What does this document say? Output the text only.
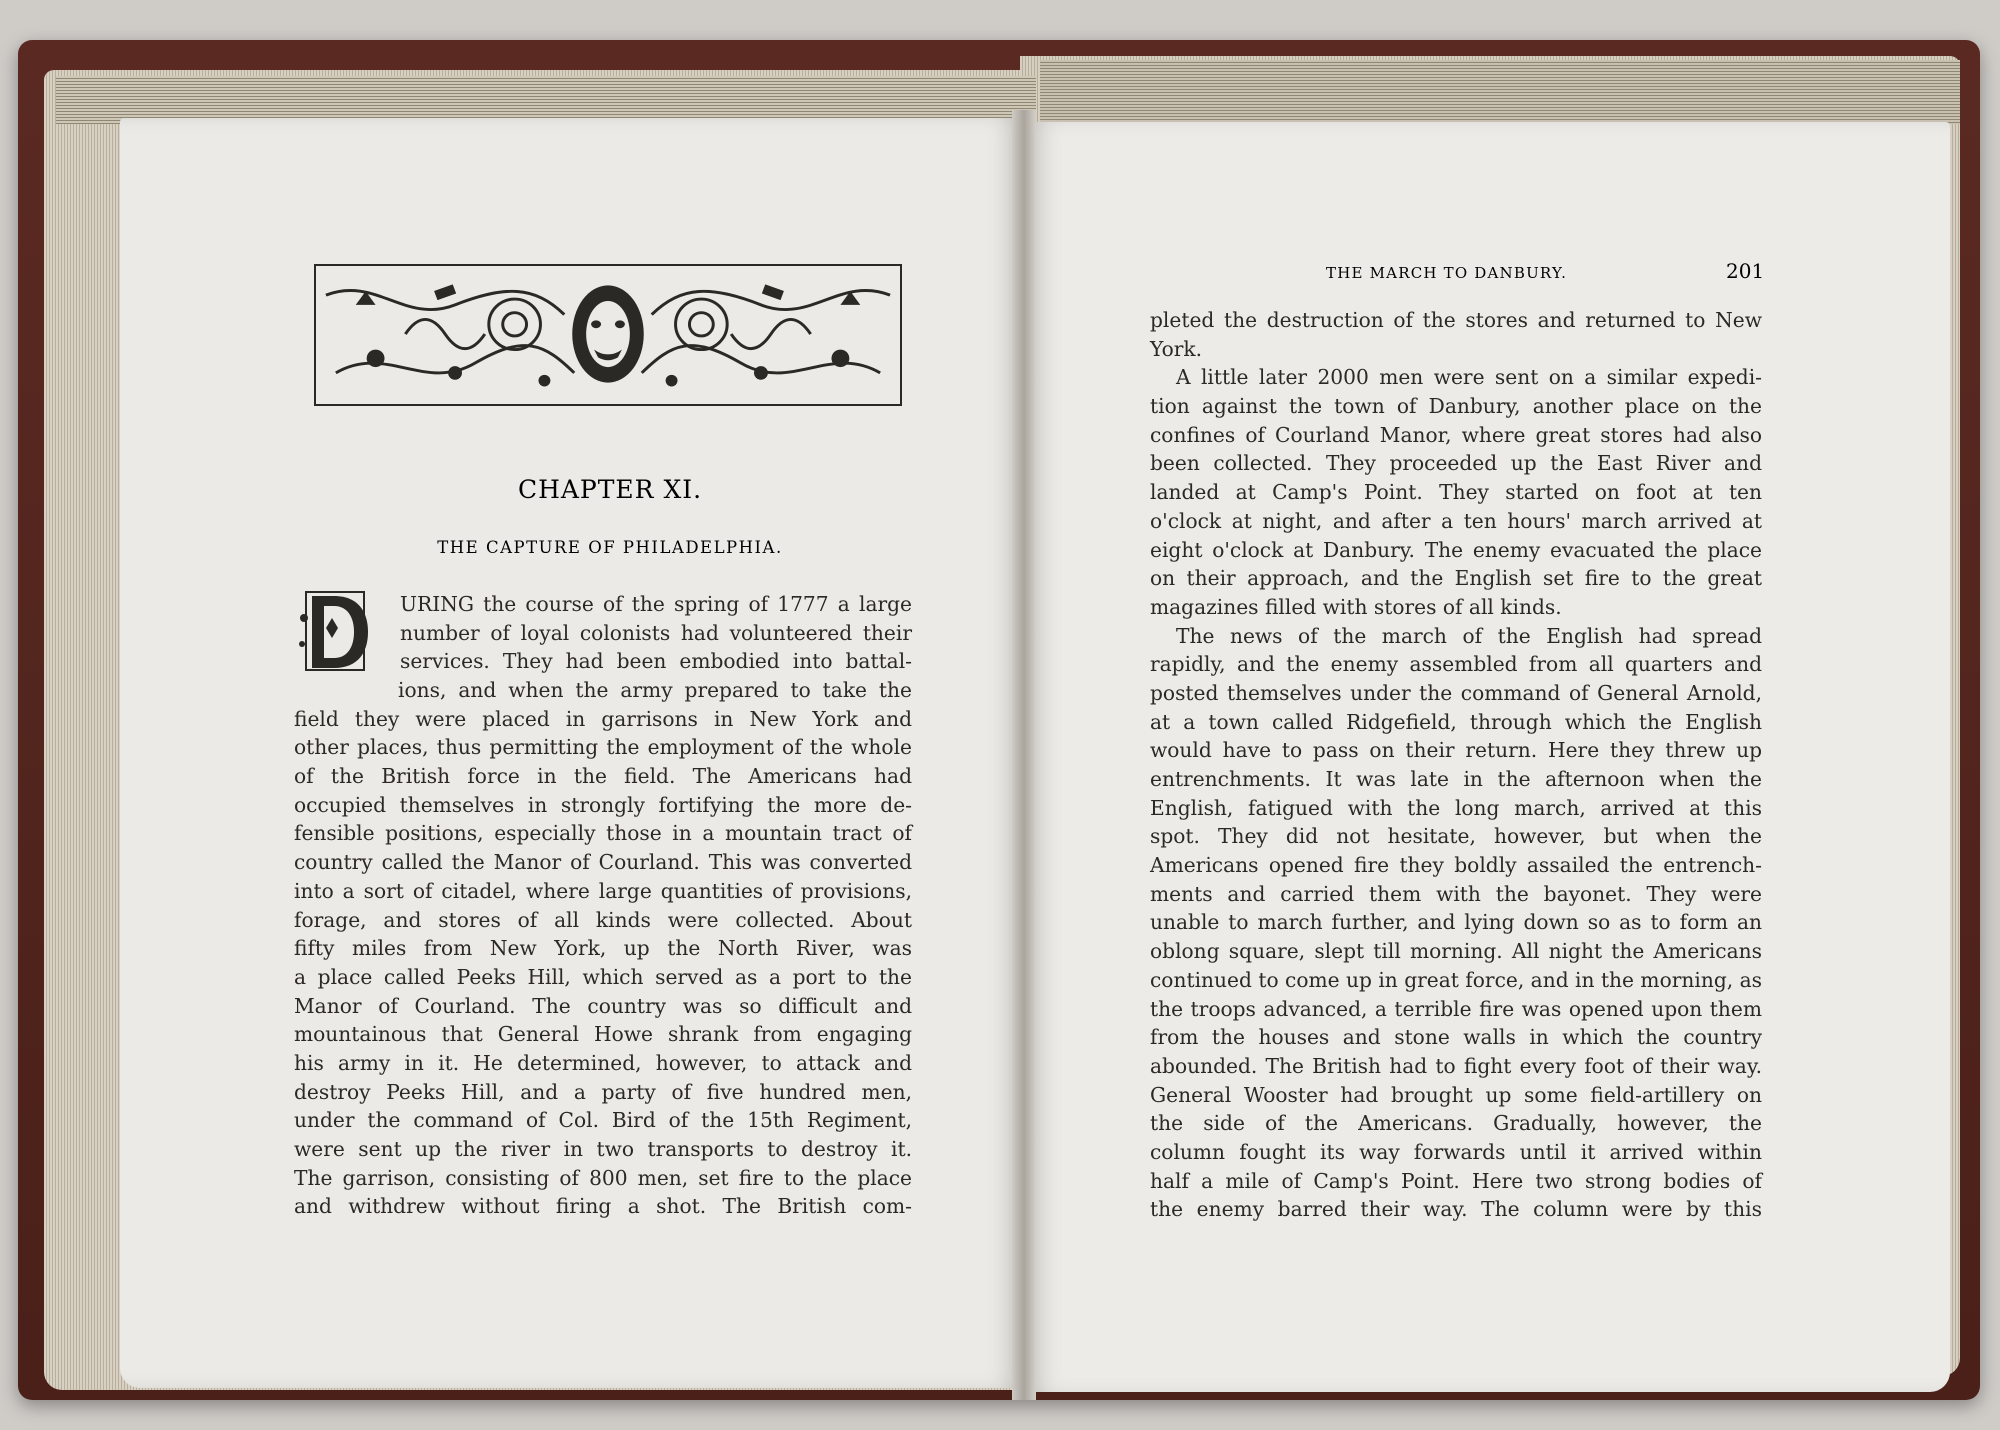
CHAPTER XI.
THE CAPTURE OF PHILADELPHIA.
D
URING the course of the spring of 1777 a large
number of loyal colonists had volunteered their
services. They had been embodied into battal-
ions, and when the army prepared to take the
field they were placed in garrisons in New York and
other places, thus permitting the employment of the whole
of the British force in the field. The Americans had
occupied themselves in strongly fortifying the more de-
fensible positions, especially those in a mountain tract of
country called the Manor of Courland. This was converted
into a sort of citadel, where large quantities of provisions,
forage, and stores of all kinds were collected. About
fifty miles from New York, up the North River, was
a place called Peeks Hill, which served as a port to the
Manor of Courland. The country was so difficult and
mountainous that General Howe shrank from engaging
his army in it. He determined, however, to attack and
destroy Peeks Hill, and a party of five hundred men,
under the command of Col. Bird of the 15th Regiment,
were sent up the river in two transports to destroy it.
The garrison, consisting of 800 men, set fire to the place
and withdrew without firing a shot. The British com-
THE MARCH TO DANBURY.	201
pleted the destruction of the stores and returned to New
York.
A little later 2000 men were sent on a similar expedi-
tion against the town of Danbury, another place on the
confines of Courland Manor, where great stores had also
been collected. They proceeded up the East River and
landed at Camp's Point. They started on foot at ten
o'clock at night, and after a ten hours' march arrived at
eight o'clock at Danbury. The enemy evacuated the place
on their approach, and the English set fire to the great
magazines filled with stores of all kinds.
The news of the march of the English had spread
rapidly, and the enemy assembled from all quarters and
posted themselves under the command of General Arnold,
at a town called Ridgefield, through which the English
would have to pass on their return. Here they threw up
entrenchments. It was late in the afternoon when the
English, fatigued with the long march, arrived at this
spot. They did not hesitate, however, but when the
Americans opened fire they boldly assailed the entrench-
ments and carried them with the bayonet. They were
unable to march further, and lying down so as to form an
oblong square, slept till morning. All night the Americans
continued to come up in great force, and in the morning, as
the troops advanced, a terrible fire was opened upon them
from the houses and stone walls in which the country
abounded. The British had to fight every foot of their way.
General Wooster had brought up some field-artillery on
the side of the Americans. Gradually, however, the
column fought its way forwards until it arrived within
half a mile of Camp's Point. Here two strong bodies of
the enemy barred their way. The column were by this
